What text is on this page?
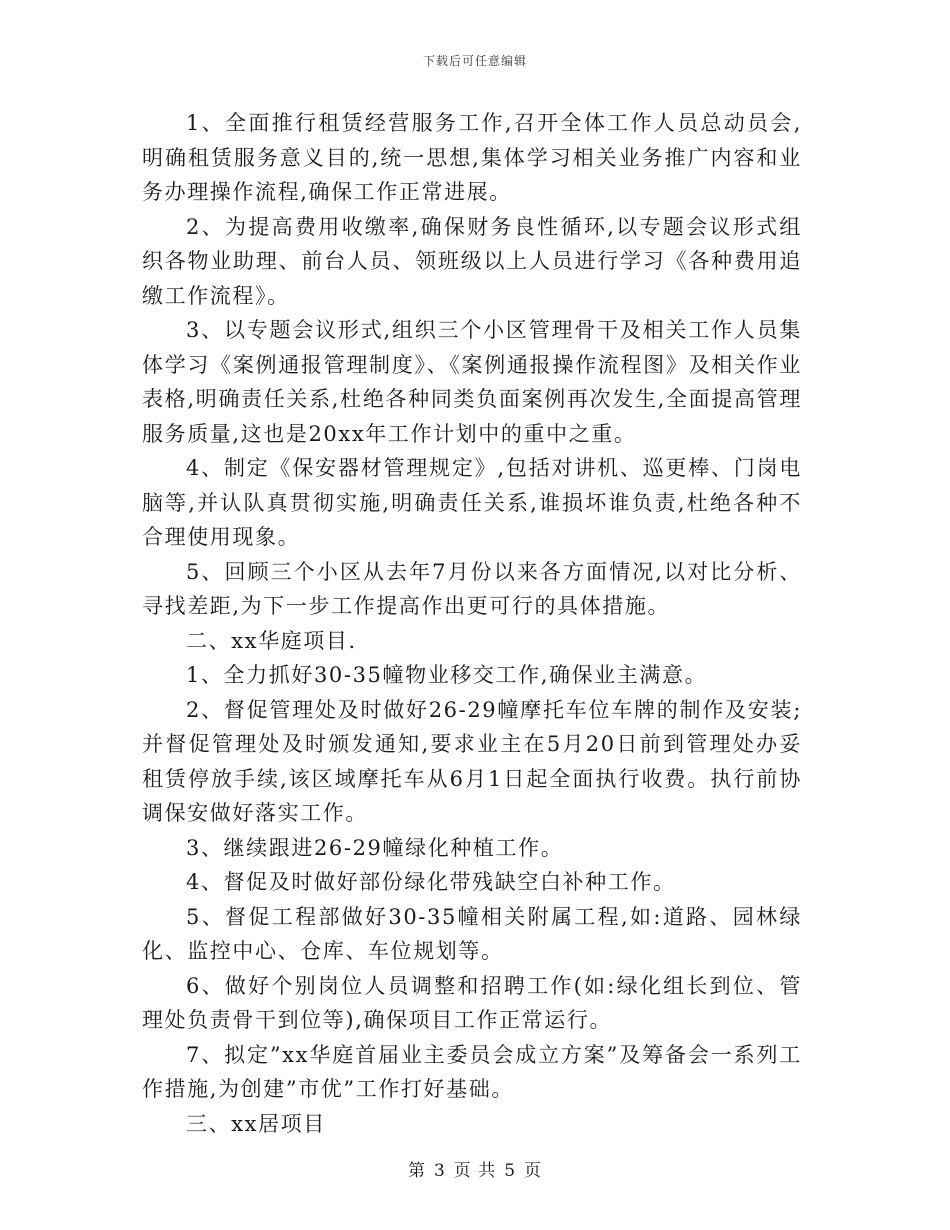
下载后可任意编辑

1、全面推行租赁经营服务工作,召开全体工作人员总动员会,明确租赁服务意义目的,统一思想,集体学习相关业务推广内容和业务办理操作流程,确保工作正常进展。

2、为提高费用收缴率,确保财务良性循环,以专题会议形式组织各物业助理、前台人员、领班级以上人员进行学习《各种费用追缴工作流程》。

3、以专题会议形式,组织三个小区管理骨干及相关工作人员集体学习《案例通报管理制度》、《案例通报操作流程图》及相关作业表格,明确责任关系,杜绝各种同类负面案例再次发生,全面提高管理服务质量,这也是20xx年工作计划中的重中之重。

4、制定《保安器材管理规定》,包括对讲机、巡更棒、门岗电脑等,并认队真贯彻实施,明确责任关系,谁损坏谁负责,杜绝各种不合理使用现象。

5、回顾三个小区从去年7月份以来各方面情况,以对比分析、寻找差距,为下一步工作提高作出更可行的具体措施。

二、xx华庭项目.

1、全力抓好30-35幢物业移交工作,确保业主满意。

2、督促管理处及时做好26-29幢摩托车位车牌的制作及安装;并督促管理处及时颁发通知,要求业主在5月20日前到管理处办妥租赁停放手续,该区域摩托车从6月1日起全面执行收费。执行前协调保安做好落实工作。

3、继续跟进26-29幢绿化种植工作。

4、督促及时做好部份绿化带残缺空白补种工作。

5、督促工程部做好30-35幢相关附属工程,如:道路、园林绿化、监控中心、仓库、车位规划等。

6、做好个别岗位人员调整和招聘工作(如:绿化组长到位、管理处负责骨干到位等),确保项目工作正常运行。

7、拟定”xx华庭首届业主委员会成立方案”及筹备会一系列工作措施,为创建”市优”工作打好基础。

三、xx居项目

第 3 页 共 5 页
